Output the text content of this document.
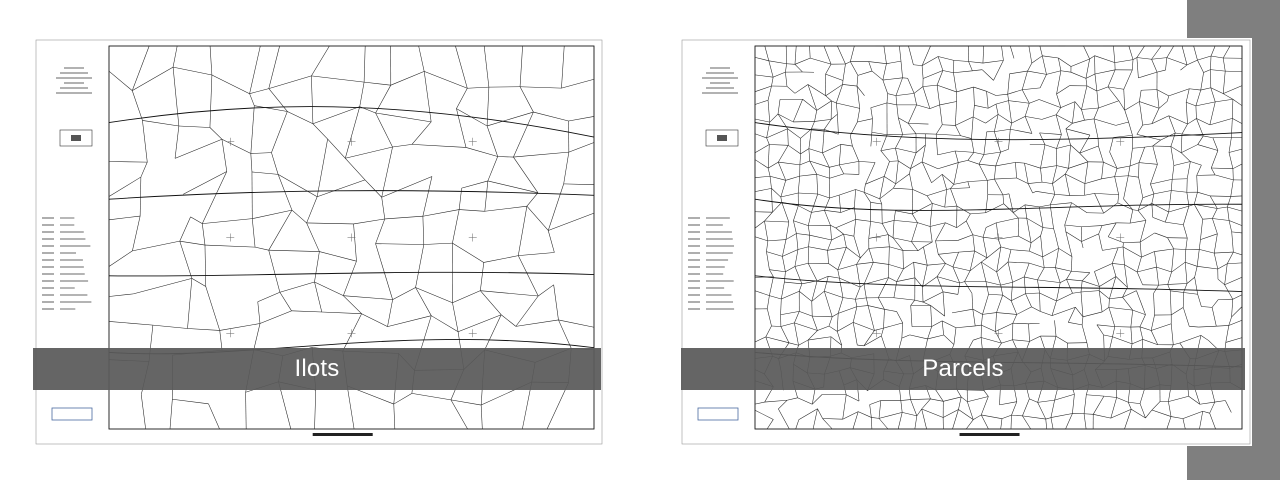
Ilots	Parcels
